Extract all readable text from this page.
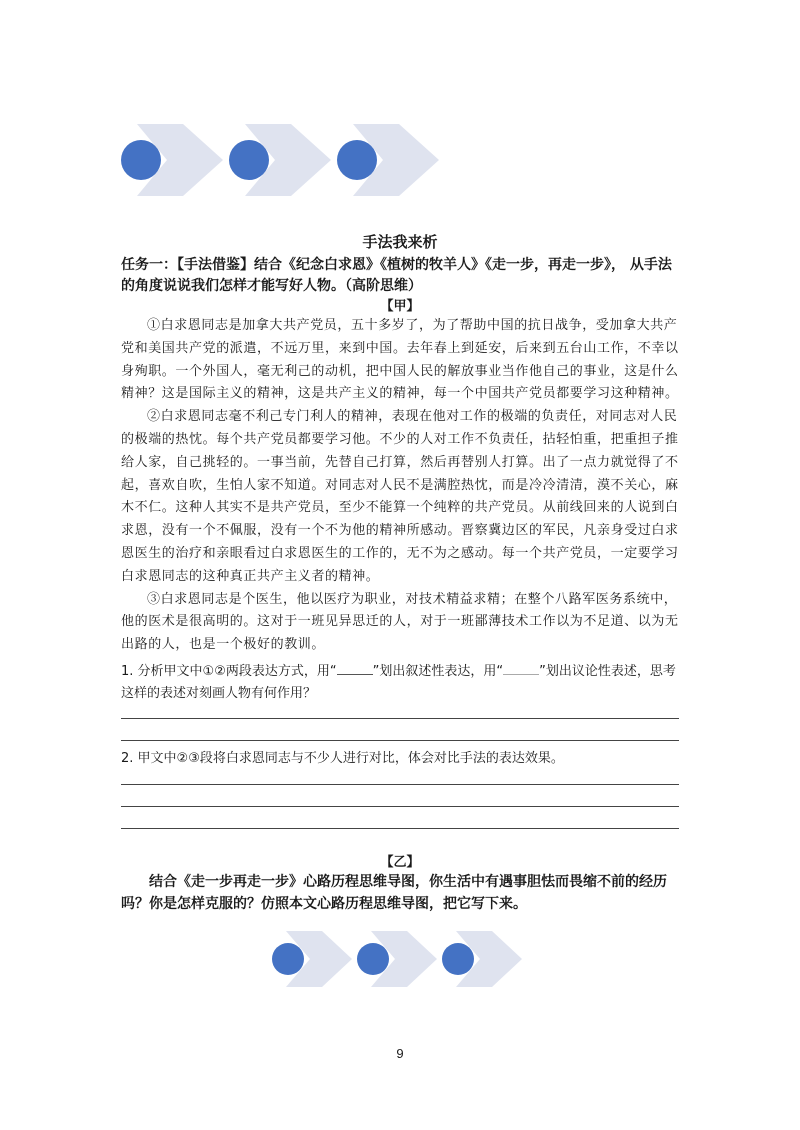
手法我来析
任务一：【手法借鉴】结合《纪念白求恩》《植树的牧羊人》《走一步，再走一步》， 从手法的角度说说我们怎样才能写好人物。（高阶思维）
【甲】

①白求恩同志是加拿大共产党员，五十多岁了，为了帮助中国的抗日战争，受加拿大共产党和美国共产党的派遣，不远万里，来到中国。去年春上到延安，后来到五台山工作，不幸以身殉职。一个外国人，毫无利己的动机，把中国人民的解放事业当作他自己的事业，这是什么精神？这是国际主义的精神，这是共产主义的精神，每一个中国共产党员都要学习这种精神。

②白求恩同志毫不利己专门利人的精神，表现在他对工作的极端的负责任，对同志对人民的极端的热忱。每个共产党员都要学习他。不少的人对工作不负责任，拈轻怕重，把重担子推给人家，自己挑轻的。一事当前，先替自己打算，然后再替别人打算。出了一点力就觉得了不起，喜欢自吹，生怕人家不知道。对同志对人民不是满腔热忱，而是冷冷清清，漠不关心，麻木不仁。这种人其实不是共产党员，至少不能算一个纯粹的共产党员。从前线回来的人说到白求恩，没有一个不佩服，没有一个不为他的精神所感动。晋察冀边区的军民，凡亲身受过白求恩医生的治疗和亲眼看过白求恩医生的工作的，无不为之感动。每一个共产党员，一定要学习白求恩同志的这种真正共产主义者的精神。

③白求恩同志是个医生，他以医疗为职业，对技术精益求精；在整个八路军医务系统中，他的医术是很高明的。这对于一班见异思迁的人，对于一班鄙薄技术工作以为不足道、以为无出路的人，也是一个极好的教训。

1. 分析甲文中①②两段表达方式，用“	”划出叙述性表达，用“	”划出议论性表述，思考这样的表述对刻画人物有何作用？
2. 甲文中②③段将白求恩同志与不少人进行对比，体会对比手法的表达效果。
【乙】
结合《走一步再走一步》心路历程思维导图，你生活中有遇事胆怯而畏缩不前的经历吗？你是怎样克服的？仿照本文心路历程思维导图，把它写下来。
9
